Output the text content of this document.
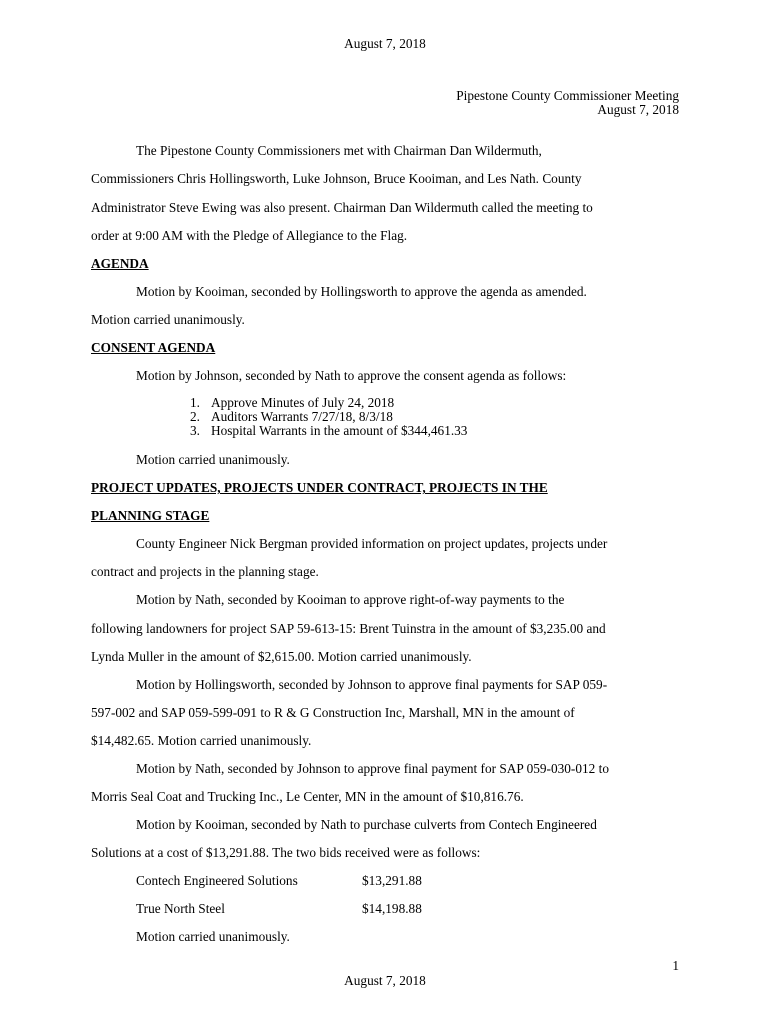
August 7, 2018
Pipestone County Commissioner Meeting
August 7, 2018
The Pipestone County Commissioners met with Chairman Dan Wildermuth,
Commissioners Chris Hollingsworth, Luke Johnson, Bruce Kooiman, and Les Nath. County
Administrator Steve Ewing was also present. Chairman Dan Wildermuth called the meeting to
order at 9:00 AM with the Pledge of Allegiance to the Flag.
AGENDA
Motion by Kooiman, seconded by Hollingsworth to approve the agenda as amended.
Motion carried unanimously.
CONSENT AGENDA
Motion by Johnson, seconded by Nath to approve the consent agenda as follows:
1. Approve Minutes of July 24, 2018
2. Auditors Warrants 7/27/18, 8/3/18
3. Hospital Warrants in the amount of $344,461.33
Motion carried unanimously.
PROJECT UPDATES, PROJECTS UNDER CONTRACT, PROJECTS IN THE
PLANNING STAGE
County Engineer Nick Bergman provided information on project updates, projects under
contract and projects in the planning stage.
Motion by Nath, seconded by Kooiman to approve right-of-way payments to the
following landowners for project SAP 59-613-15: Brent Tuinstra in the amount of $3,235.00 and
Lynda Muller in the amount of $2,615.00. Motion carried unanimously.
Motion by Hollingsworth, seconded by Johnson to approve final payments for SAP 059-
597-002 and SAP 059-599-091 to R & G Construction Inc, Marshall, MN in the amount of
$14,482.65. Motion carried unanimously.
Motion by Nath, seconded by Johnson to approve final payment for SAP 059-030-012 to
Morris Seal Coat and Trucking Inc., Le Center, MN in the amount of $10,816.76.
Motion by Kooiman, seconded by Nath to purchase culverts from Contech Engineered
Solutions at a cost of $13,291.88. The two bids received were as follows:
Contech Engineered Solutions	$13,291.88
True North Steel	$14,198.88
Motion carried unanimously.
1
August 7, 2018
